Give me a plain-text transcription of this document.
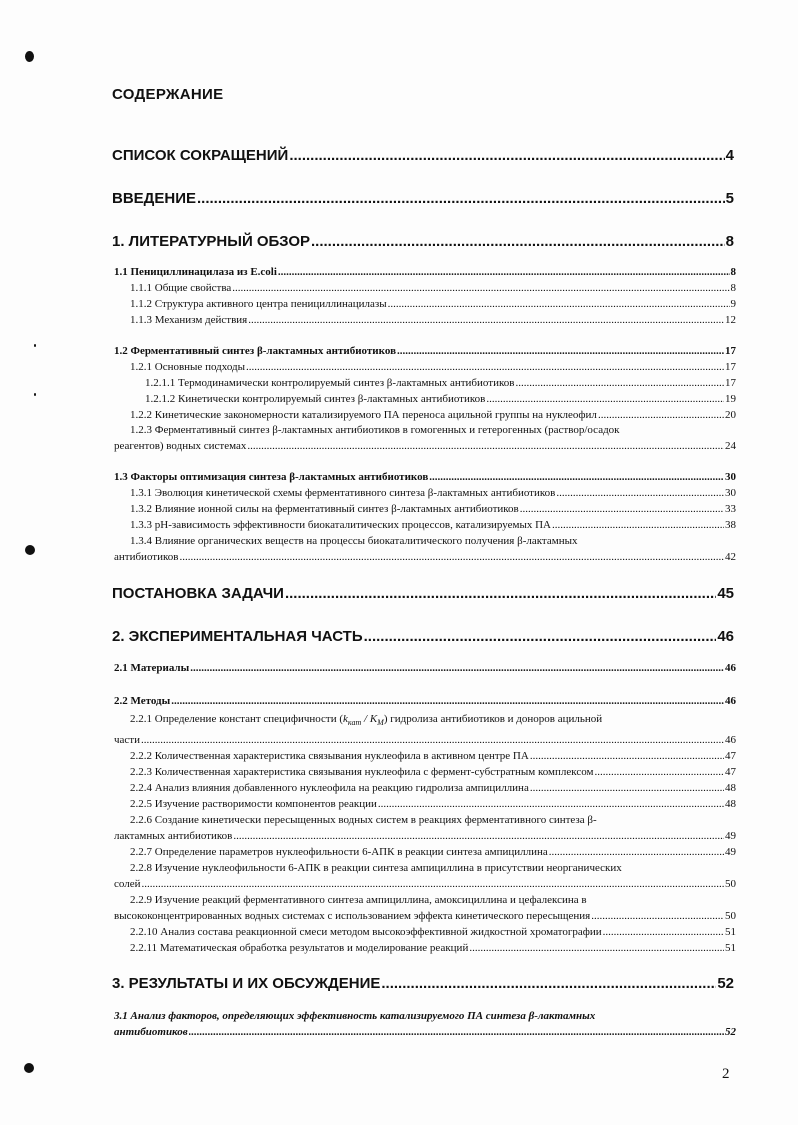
СОДЕРЖАНИЕ
СПИСОК СОКРАЩЕНИЙ .....	4
ВВЕДЕНИЕ .....	5
1. ЛИТЕРАТУРНЫЙ ОБЗОР .....	8
1.1 Пенициллинацилаза из E.coli .....	8
1.1.1 Общие свойства .....	8
1.1.2 Структура активного центра пенициллинацилазы .....	9
1.1.3 Механизм действия .....	12
1.2 Ферментативный синтез β-лактамных антибиотиков .....	17
1.2.1 Основные подходы .....	17
1.2.1.1 Термодинамически контролируемый синтез β-лактамных антибиотиков .....	17
1.2.1.2 Кинетически контролируемый синтез β-лактамных антибиотиков .....	19
1.2.2 Кинетические закономерности катализируемого ПА переноса ацильной группы на нуклеофил .....	20
1.2.3 Ферментативный синтез β-лактамных антибиотиков в гомогенных и гетерогенных (раствор/осадок
реагентов) водных системах .....	24
1.3 Факторы оптимизация синтеза β-лактамных антибиотиков .....	30
1.3.1 Эволюция кинетической схемы ферментативного синтеза β-лактамных антибиотиков .....	30
1.3.2 Влияние ионной силы на ферментативный синтез β-лактамных антибиотиков .....	33
1.3.3 pH-зависимость эффективности биокаталитических процессов, катализируемых ПА .....	38
1.3.4 Влияние органических веществ на процессы биокаталитического получения β-лактамных
антибиотиков .....	42
ПОСТАНОВКА ЗАДАЧИ .....	45
2. ЭКСПЕРИМЕНТАЛЬНАЯ ЧАСТЬ .....	46
2.1 Материалы .....	46
2.2 Методы .....	46
2.2.1 Определение констант специфичности $(k_{кат} / K_M)$ гидролиза антибиотиков и доноров ацильной
части .....	46
2.2.2 Количественная характеристика связывания нуклеофила в активном центре ПА .....	47
2.2.3 Количественная характеристика связывания нуклеофила с фермент-субстратным комплексом .....	47
2.2.4 Анализ влияния добавленного нуклеофила на реакцию гидролиза ампициллина .....	48
2.2.5 Изучение растворимости компонентов реакции .....	48
2.2.6 Создание кинетически пересыщенных водных систем в реакциях ферментативного синтеза β-
лактамных антибиотиков .....	49
2.2.7 Определение параметров нуклеофильности 6-АПК в реакции синтеза ампициллина .....	49
2.2.8 Изучение нуклеофильности 6-АПК в реакции синтеза ампициллина в присутствии неорганических
солей .....	50
2.2.9 Изучение реакций ферментативного синтеза ампициллина, амоксициллина и цефалексина в
высококонцентрированных водных системах с использованием эффекта кинетического пересыщения .....	50
2.2.10 Анализ состава реакционной смеси методом высокоэффективной жидкостной хроматографии .....	51
2.2.11 Математическая обработка результатов и моделирование реакций .....	51
3. РЕЗУЛЬТАТЫ И ИХ ОБСУЖДЕНИЕ .....	52
3.1 Анализ факторов, определяющих эффективность катализируемого ПА синтеза β-лактамных
антибиотиков .....	52
2
